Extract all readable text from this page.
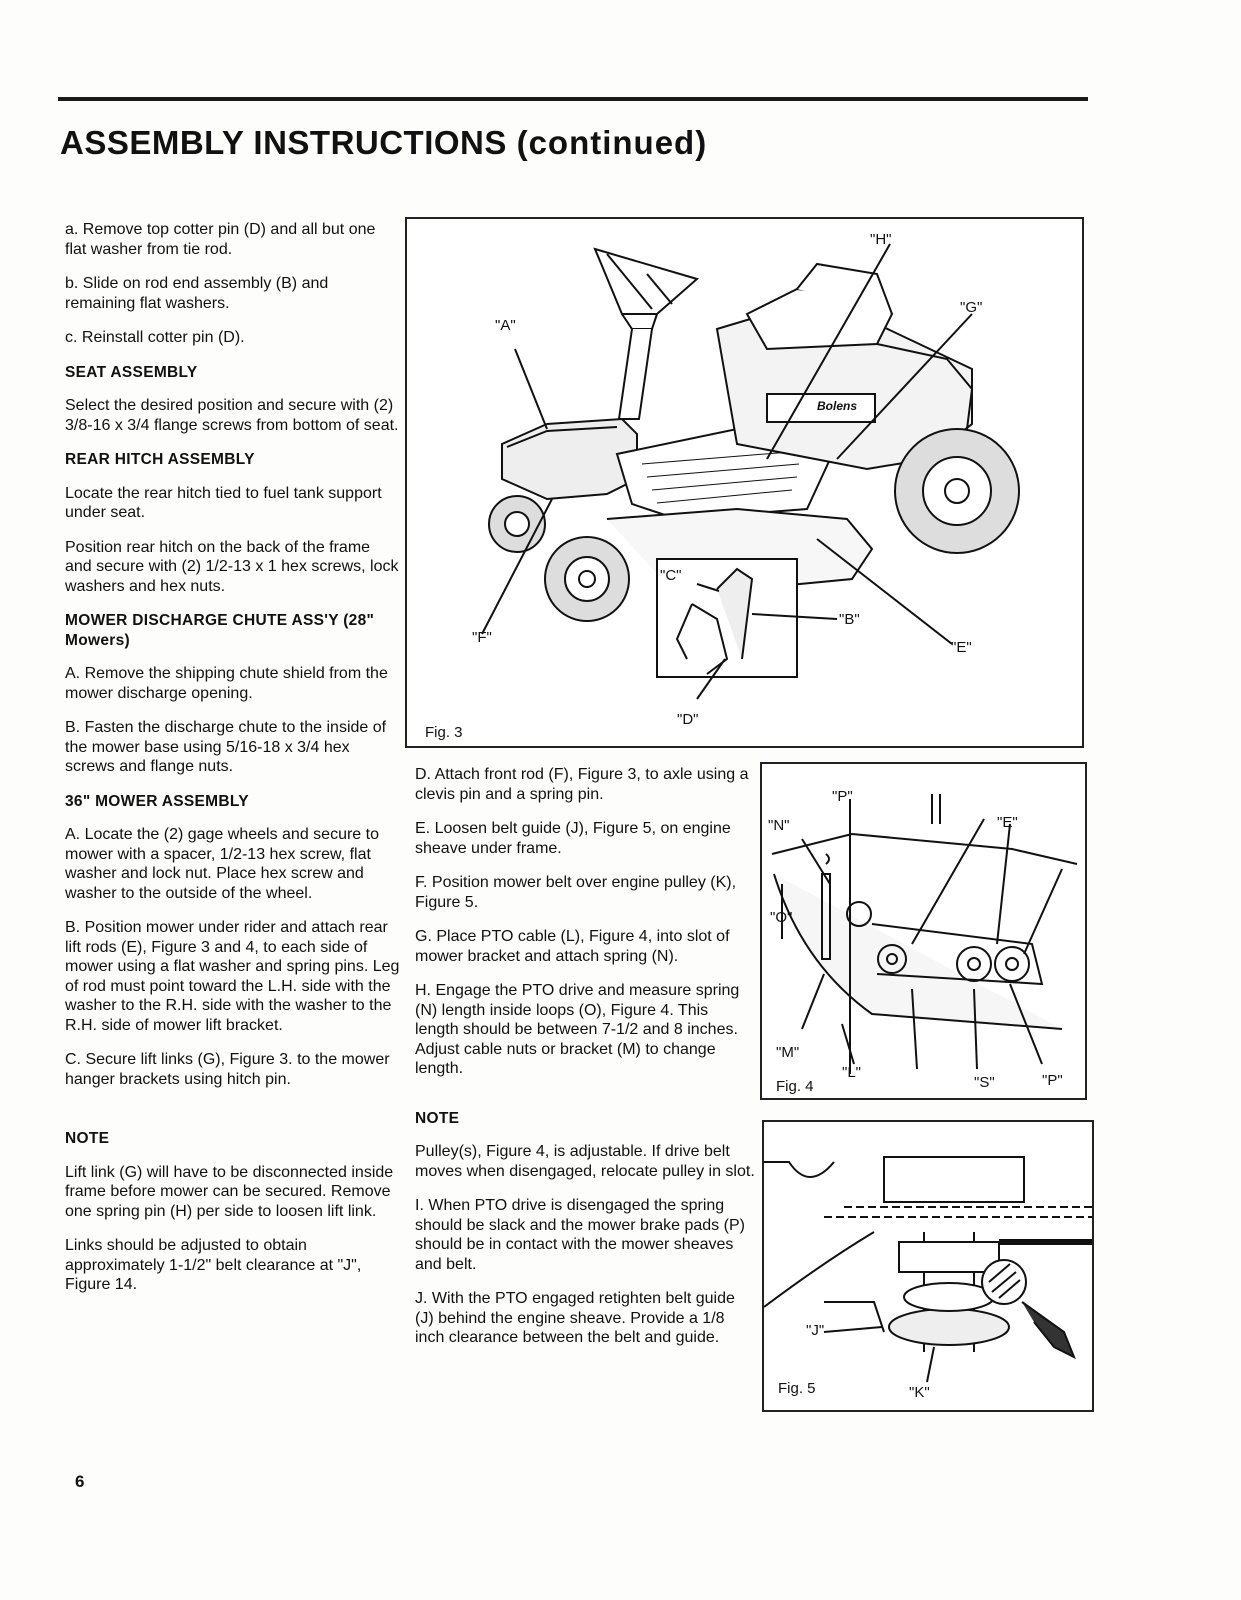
ASSEMBLY INSTRUCTIONS (continued)

a. Remove top cotter pin (D) and all but one flat washer from tie rod.

b. Slide on rod end assembly (B) and remaining flat washers.

c. Reinstall cotter pin (D).

SEAT ASSEMBLY

Select the desired position and secure with (2) 3/8-16 x 3/4 flange screws from bottom of seat.

REAR HITCH ASSEMBLY

Locate the rear hitch tied to fuel tank support under seat.

Position rear hitch on the back of the frame and secure with (2) 1/2-13 x 1 hex screws, lock washers and hex nuts.

MOWER DISCHARGE CHUTE ASS'Y (28" Mowers)

A. Remove the shipping chute shield from the mower discharge opening.

B. Fasten the discharge chute to the inside of the mower base using 5/16-18 x 3/4 hex screws and flange nuts.

36" MOWER ASSEMBLY

A. Locate the (2) gage wheels and secure to mower with a spacer, 1/2-13 hex screw, flat washer and lock nut. Place hex screw and washer to the outside of the wheel.

B. Position mower under rider and attach rear lift rods (E), Figure 3 and 4, to each side of mower using a flat washer and spring pins. Leg of rod must point toward the L.H. side with the washer to the R.H. side with the washer to the R.H. side of mower lift bracket.

C. Secure lift links (G), Figure 3. to the mower hanger brackets using hitch pin.

NOTE

Lift link (G) will have to be disconnected inside frame before mower can be secured. Remove one spring pin (H) per side to loosen lift link.

Links should be adjusted to obtain approximately 1-1/2" belt clearance at "J", Figure 14.

"A"
"B"
"C"
"D"
"E"
"F"
"G"
"H"
Bolens
Fig. 3

D. Attach front rod (F), Figure 3, to axle using a clevis pin and a spring pin.

E. Loosen belt guide (J), Figure 5, on engine sheave under frame.

F. Position mower belt over engine pulley (K), Figure 5.

G. Place PTO cable (L), Figure 4, into slot of mower bracket and attach spring (N).

H. Engage the PTO drive and measure spring (N) length inside loops (O), Figure 4. This length should be between 7-1/2 and 8 inches. Adjust cable nuts or bracket (M) to change length.

NOTE

Pulley(s), Figure 4, is adjustable. If drive belt moves when disengaged, relocate pulley in slot.

I. When PTO drive is disengaged the spring should be slack and the mower brake pads (P) should be in contact with the mower sheaves and belt.

J. With the PTO engaged retighten belt guide (J) behind the engine sheave. Provide a 1/8 inch clearance between the belt and guide.

"E"
"L"
"M"
"N"
"O"
"P"
"P"
"S"
Fig. 4
"J"
"K"
Fig. 5
6
